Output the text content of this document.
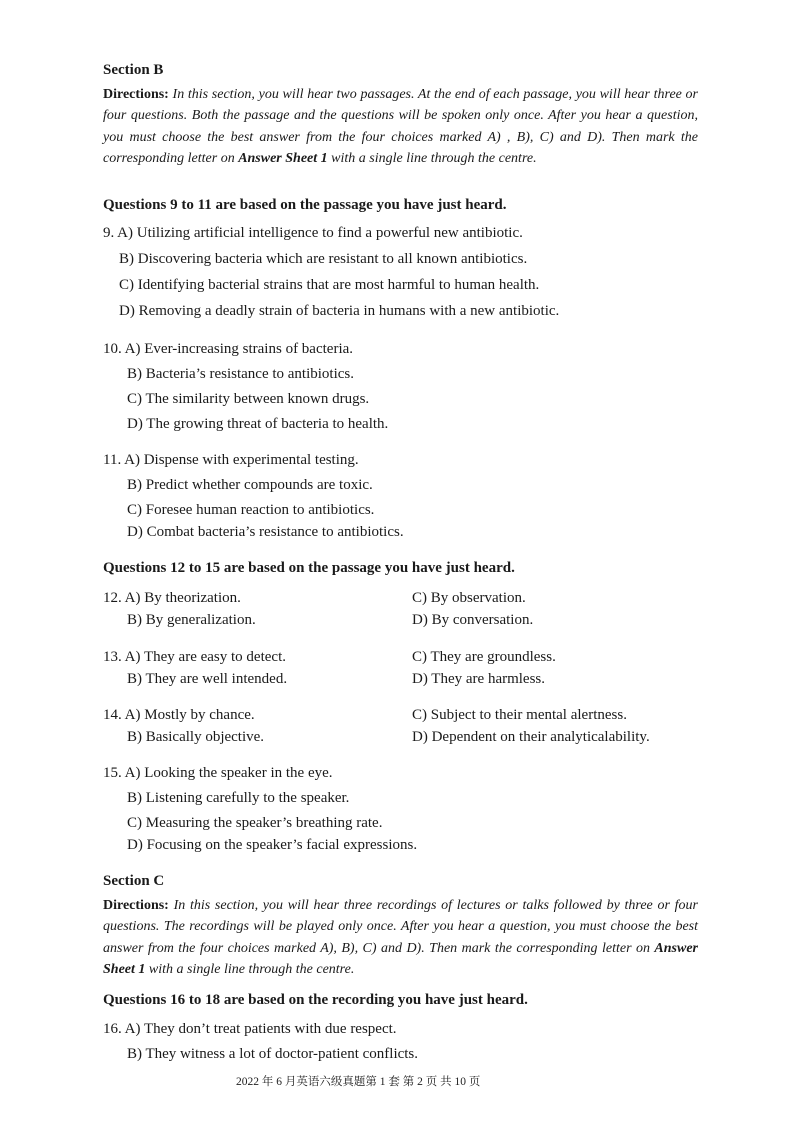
Section B
Directions: In this section, you will hear two passages. At the end of each passage, you will hear three or four questions. Both the passage and the questions will be spoken only once. After you hear a question, you must choose the best answer from the four choices marked A) , B), C) and D). Then mark the corresponding letter on Answer Sheet 1 with a single line through the centre.
Questions 9 to 11 are based on the passage you have just heard.
9. A) Utilizing artificial intelligence to find a powerful new antibiotic.
B) Discovering bacteria which are resistant to all known antibiotics.
C) Identifying bacterial strains that are most harmful to human health.
D) Removing a deadly strain of bacteria in humans with a new antibiotic.
10. A) Ever-increasing strains of bacteria.
B) Bacteria’s resistance to antibiotics.
C) The similarity between known drugs.
D) The growing threat of bacteria to health.
11. A) Dispense with experimental testing.
B) Predict whether compounds are toxic.
C) Foresee human reaction to antibiotics.
D) Combat bacteria’s resistance to antibiotics.
Questions 12 to 15 are based on the passage you have just heard.
12. A) By theorization.
B) By generalization.
C) By observation.
D) By conversation.
13. A) They are easy to detect.
B) They are well intended.
C) They are groundless.
D) They are harmless.
14. A) Mostly by chance.
B) Basically objective.
C) Subject to their mental alertness.
D) Dependent on their analyticalability.
15. A) Looking the speaker in the eye.
B) Listening carefully to the speaker.
C) Measuring the speaker’s breathing rate.
D) Focusing on the speaker’s facial expressions.
Section C
Directions: In this section, you will hear three recordings of lectures or talks followed by three or four questions. The recordings will be played only once. After you hear a question, you must choose the best answer from the four choices marked A), B), C) and D). Then mark the corresponding letter on Answer Sheet 1 with a single line through the centre.
Questions 16 to 18 are based on the recording you have just heard.
16. A) They don’t treat patients with due respect.
B) They witness a lot of doctor-patient conflicts.
2022 年 6 月英语六级真题第 1 套 第 2 页 共 10 页
